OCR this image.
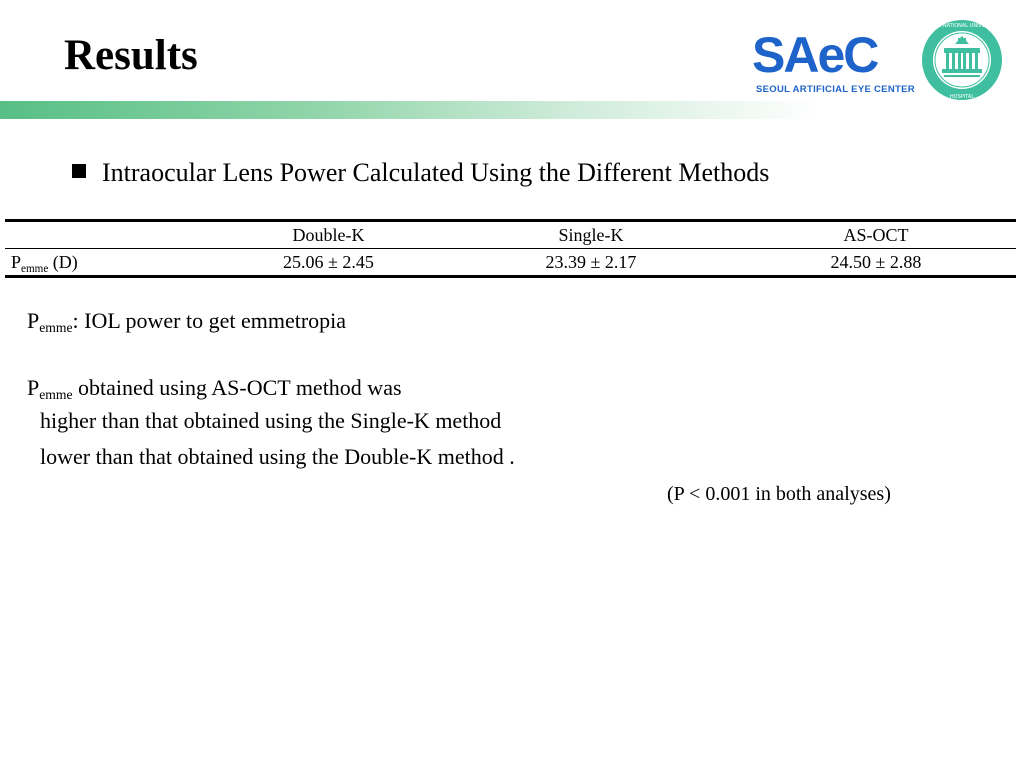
Results	SAeC
SEOUL ARTIFICIAL EYE CENTER
SEOUL NATIONAL UNIVERSITY
HOSPITAL
Intraocular Lens Power Calculated Using the Different Methods
	Double-K	Single-K	AS-OCT
$P_{emme}$ (D)	25.06 ± 2.45	23.39 ± 2.17	24.50 ± 2.88
$P_{emme}$: IOL power to get emmetropia
$P_{emme}$ obtained using AS-OCT method was
higher than that obtained using the Single-K method
lower than that obtained using the Double-K method .
(P < 0.001 in both analyses)
